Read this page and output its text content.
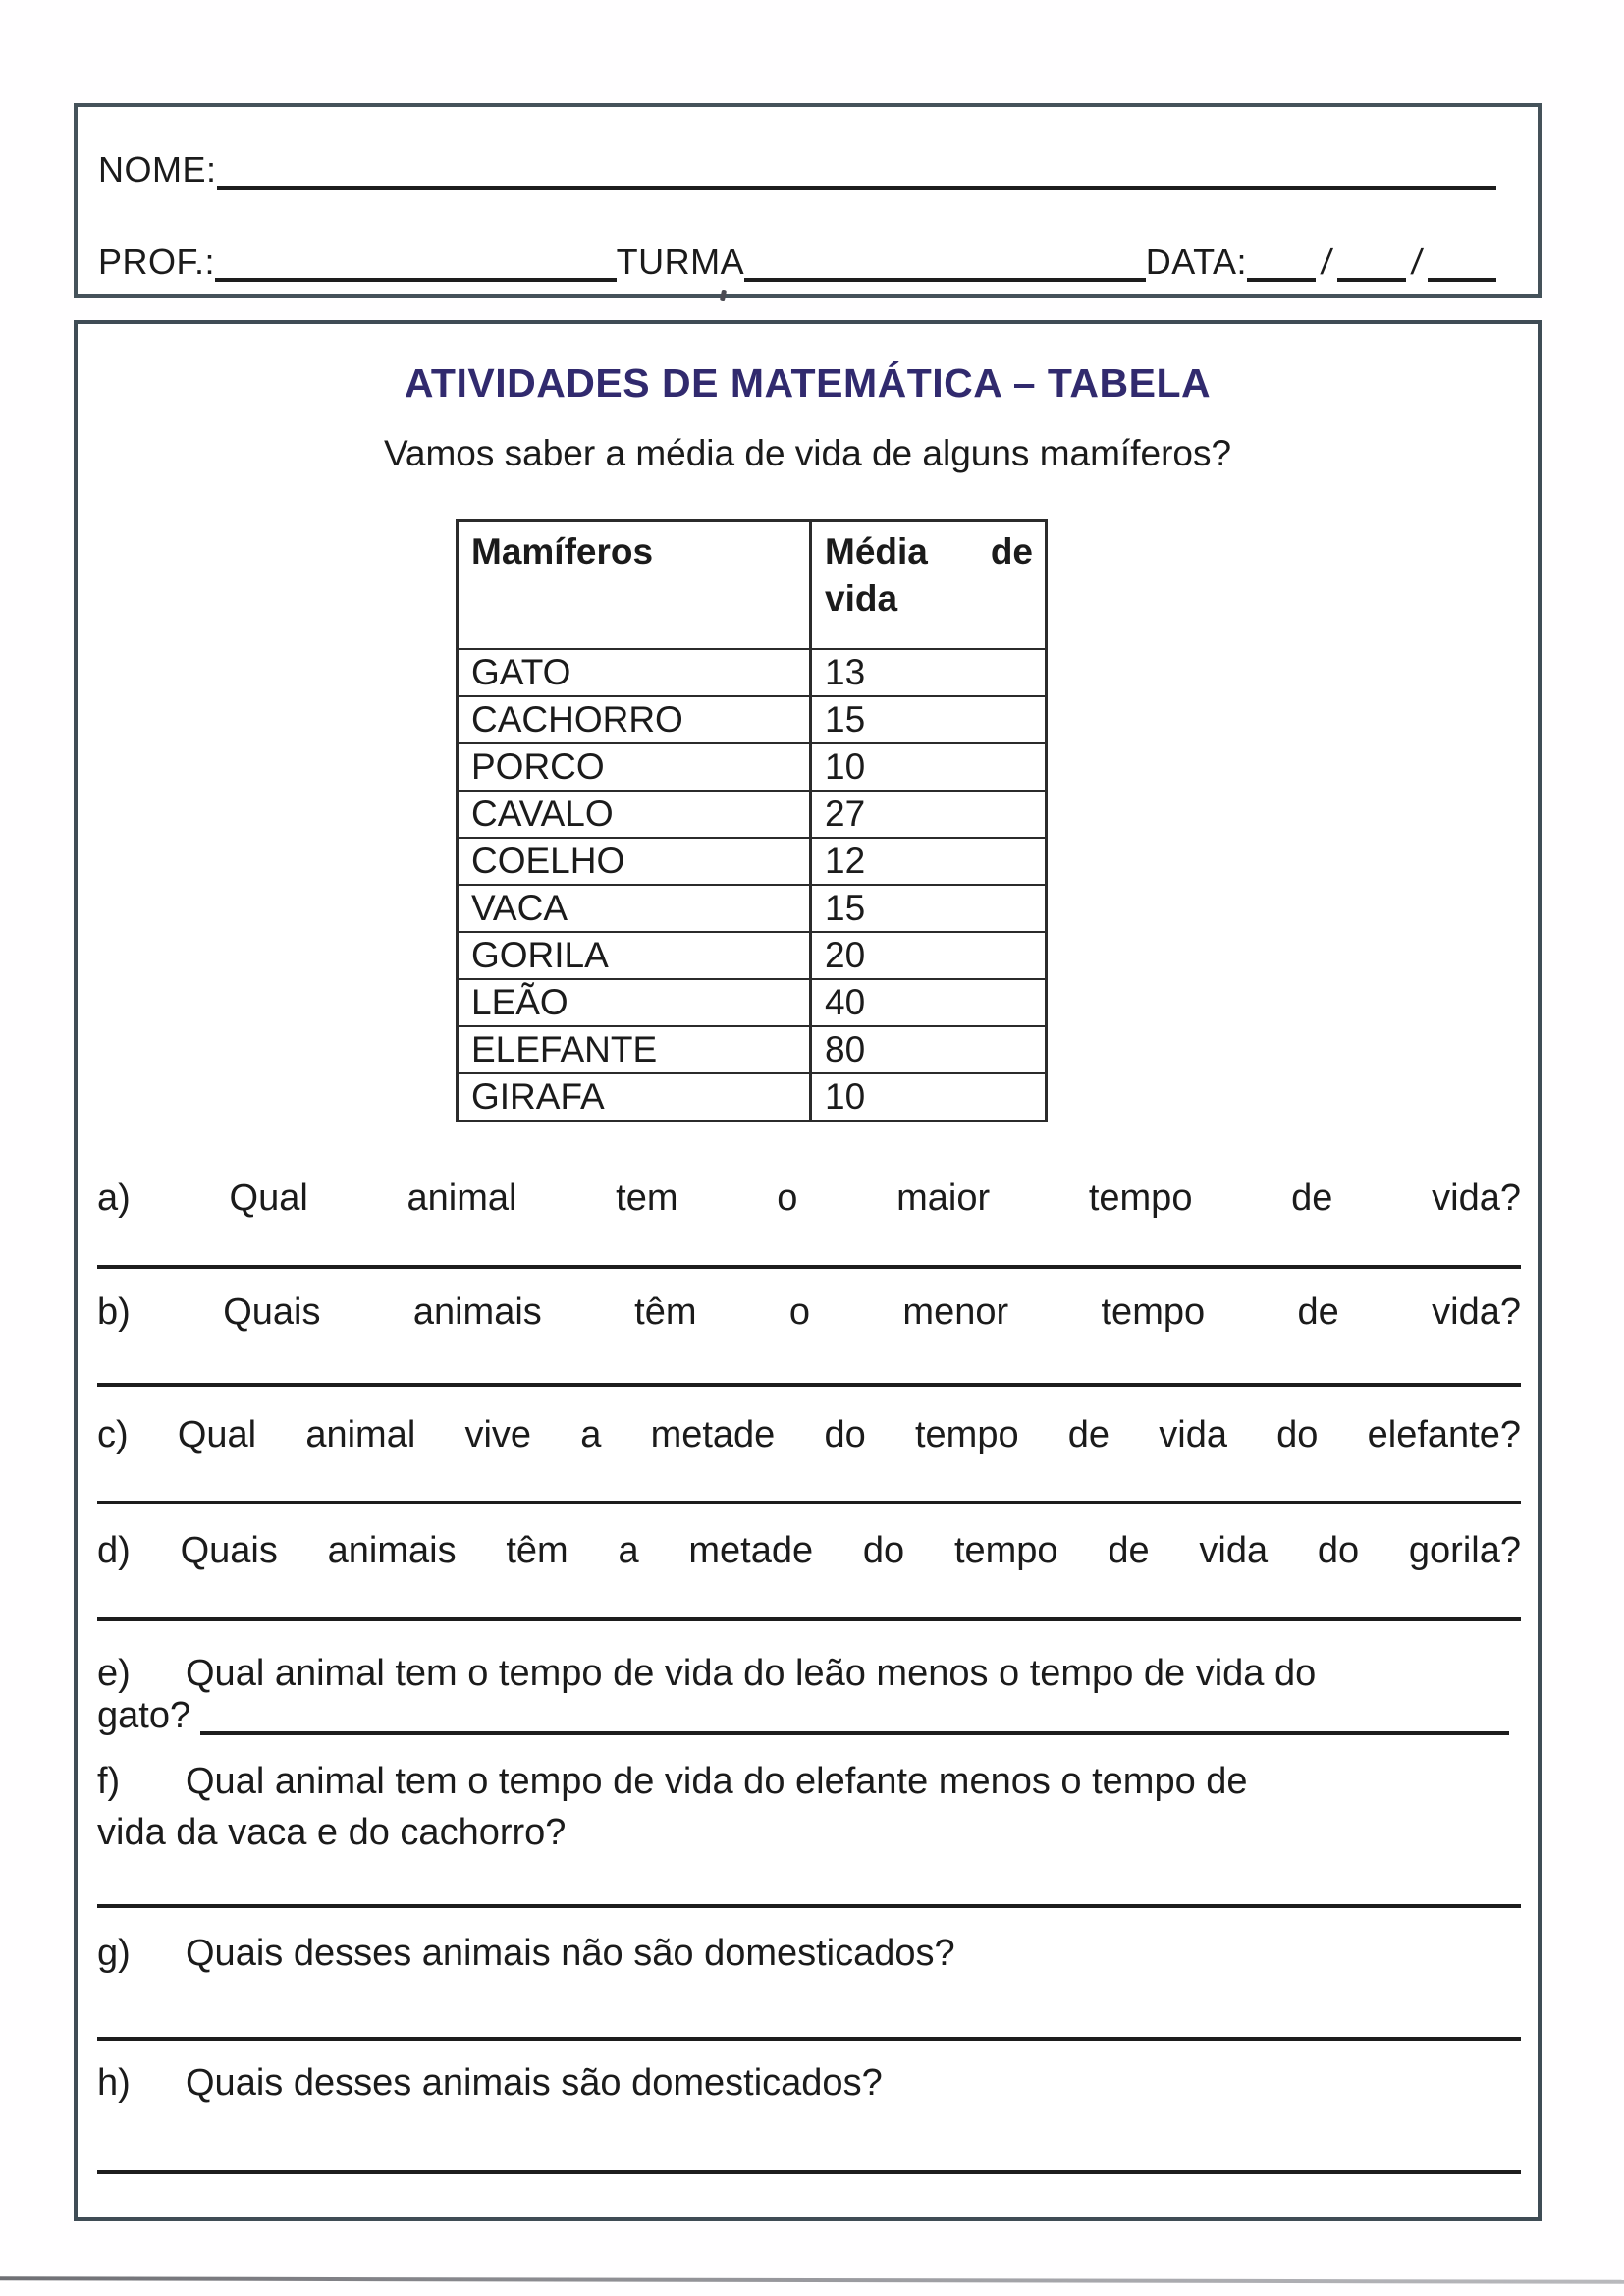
NOME:
PROF.:	TURMA	DATA: / /
ATIVIDADES DE MATEMÁTICA – TABELA
Vamos saber a média de vida de alguns mamíferos?
Mamíferos	Média de
vida
GATO	13
CACHORRO	15
PORCO	10
CAVALO	27
COELHO	12
VACA	15
GORILA	20
LEÃO	40
ELEFANTE	80
GIRAFA	10
a)	Qual animal tem o maior tempo de vida?
b) Quais animais têm o menor tempo de vida?
c) Qual animal vive a metade do tempo de vida do elefante?
d) Quais animais têm a metade do tempo de vida do gorila?
e) Qual animal tem o tempo de vida do leão menos o tempo de vida do
gato?
f) Qual animal tem o tempo de vida do elefante menos o tempo de
vida da vaca e do cachorro?
g) Quais desses animais não são domesticados?
h) Quais desses animais são domesticados?
